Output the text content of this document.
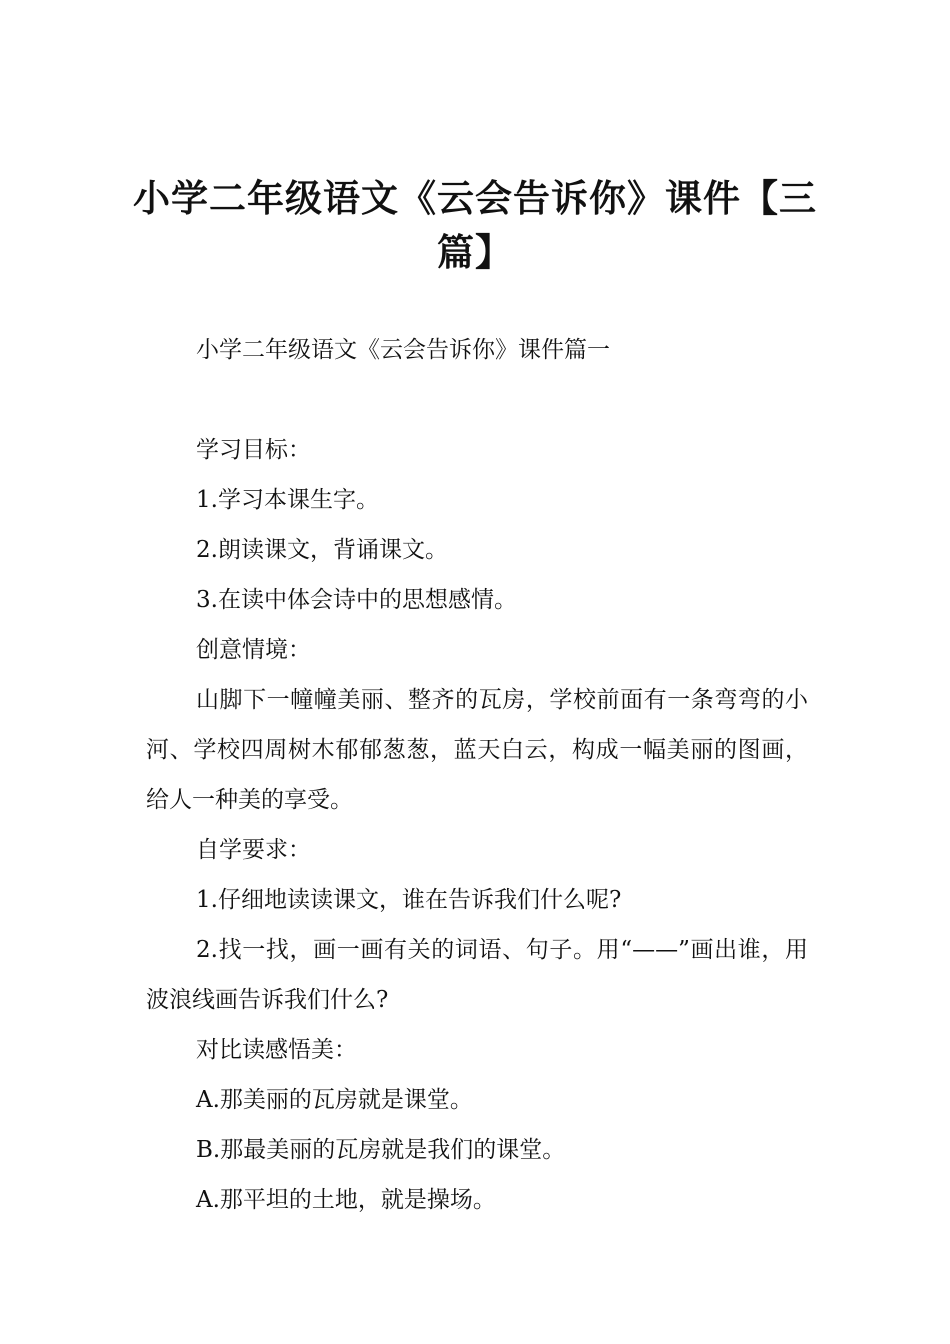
小学二年级语文《云会告诉你》课件【三篇】

小学二年级语文《云会告诉你》课件篇一

学习目标：

1.学习本课生字。

2.朗读课文，背诵课文。

3.在读中体会诗中的思想感情。

创意情境：

山脚下一幢幢美丽、整齐的瓦房，学校前面有一条弯弯的小河、学校四周树木郁郁葱葱，蓝天白云，构成一幅美丽的图画，给人一种美的享受。

自学要求：

1.仔细地读读课文，谁在告诉我们什么呢?

2.找一找，画一画有关的词语、句子。用“——”画出谁，用波浪线画告诉我们什么?

对比读感悟美：

A.那美丽的瓦房就是课堂。

B.那最美丽的瓦房就是我们的课堂。

A.那平坦的土地，就是操场。
